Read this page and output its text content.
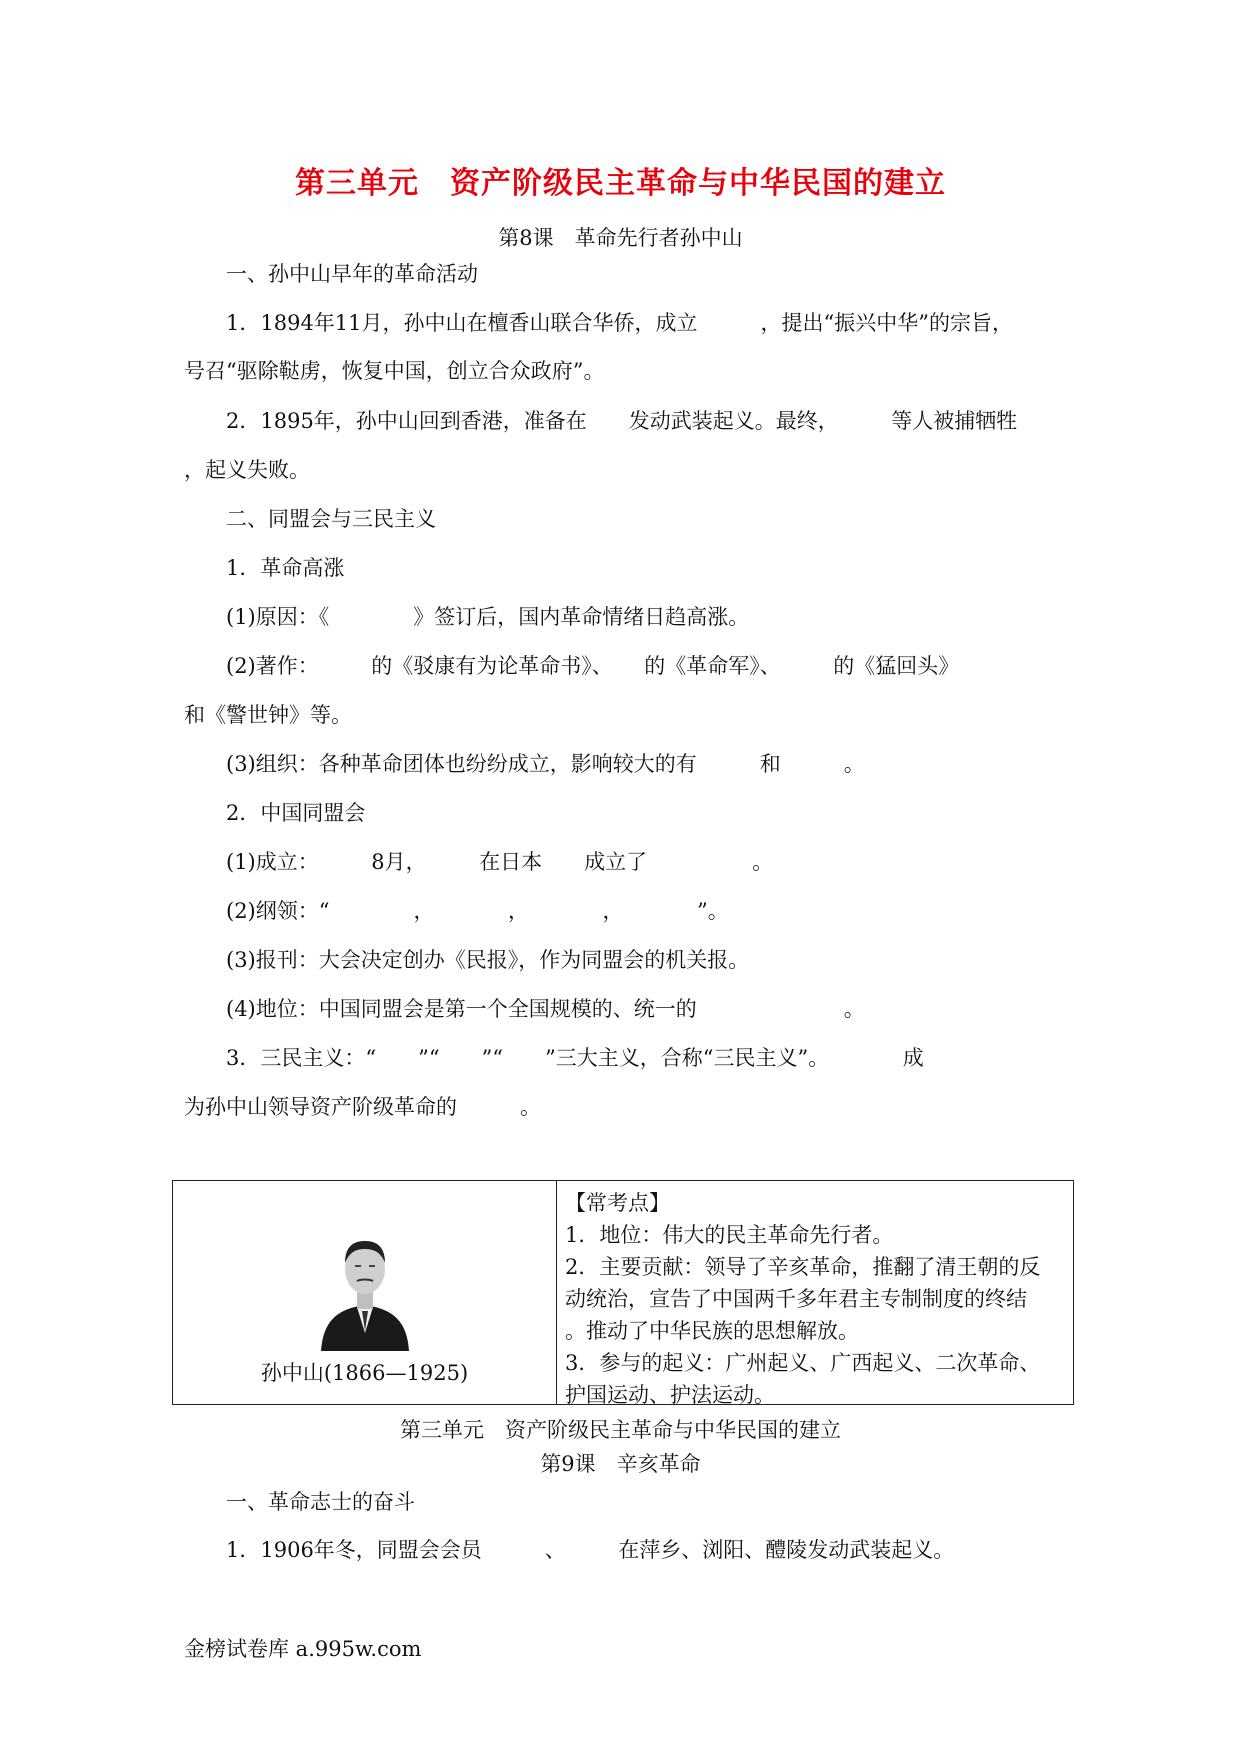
第三单元　资产阶级民主革命与中华民国的建立
第8课　革命先行者孙中山
一、孙中山早年的革命活动
1．1894年11月，孙中山在檀香山联合华侨，成立　　　，提出“振兴中华”的宗旨，
号召“驱除鞑虏，恢复中国，创立合众政府”。
2．1895年，孙中山回到香港，准备在　　发动武装起义。最终，　　　等人被捕牺牲
，起义失败。
二、同盟会与三民主义
1．革命高涨
(1)原因：《　　　　》签订后，国内革命情绪日趋高涨。
(2)著作：　　　的《驳康有为论革命书》、　　的《革命军》、　　　的《猛回头》
和《警世钟》等。
(3)组织：各种革命团体也纷纷成立，影响较大的有　　　和　　　。
2．中国同盟会
(1)成立：　　　8月，　　　在日本　　成立了　　　　　。
(2)纲领：“　　　　，　　　　，　　　　，　　　　”。
(3)报刊：大会决定创办《民报》，作为同盟会的机关报。
(4)地位：中国同盟会是第一个全国规模的、统一的　　　　　　　。
3．三民主义：“　　”“　　”“　　”三大主义，合称“三民主义”。　　　　成
为孙中山领导资产阶级革命的　　　。
孙中山(1866—1925)
【常考点】
1．地位：伟大的民主革命先行者。
2．主要贡献：领导了辛亥革命，推翻了清王朝的反
动统治，宣告了中国两千多年君主专制制度的终结
。推动了中华民族的思想解放。
3．参与的起义：广州起义、广西起义、二次革命、
护国运动、护法运动。
第三单元　资产阶级民主革命与中华民国的建立
第9课　辛亥革命
一、革命志士的奋斗
1．1906年冬，同盟会会员　　　、　　　在萍乡、浏阳、醴陵发动武装起义。
金榜试卷库 a.995w.com
